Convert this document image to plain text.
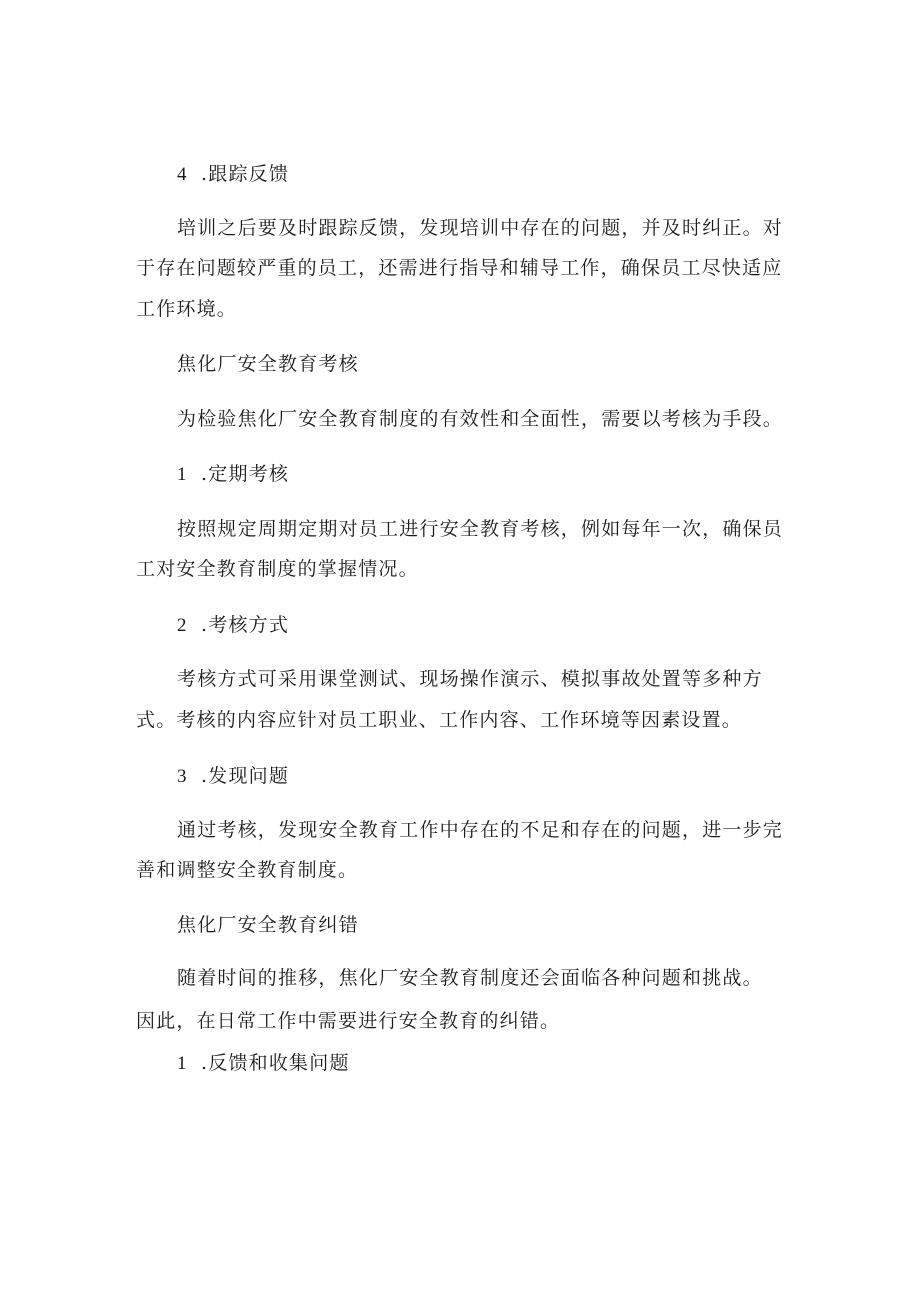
4 .跟踪反馈
培训之后要及时跟踪反馈，发现培训中存在的问题，并及时纠正。对
于存在问题较严重的员工，还需进行指导和辅导工作，确保员工尽快适应
工作环境。
焦化厂安全教育考核
为检验焦化厂安全教育制度的有效性和全面性，需要以考核为手段。
1 .定期考核
按照规定周期定期对员工进行安全教育考核，例如每年一次，确保员
工对安全教育制度的掌握情况。
2 .考核方式
考核方式可采用课堂测试、现场操作演示、模拟事故处置等多种方
式。考核的内容应针对员工职业、工作内容、工作环境等因素设置。
3 .发现问题
通过考核，发现安全教育工作中存在的不足和存在的问题，进一步完
善和调整安全教育制度。
焦化厂安全教育纠错
随着时间的推移，焦化厂安全教育制度还会面临各种问题和挑战。
因此，在日常工作中需要进行安全教育的纠错。
1 .反馈和收集问题
